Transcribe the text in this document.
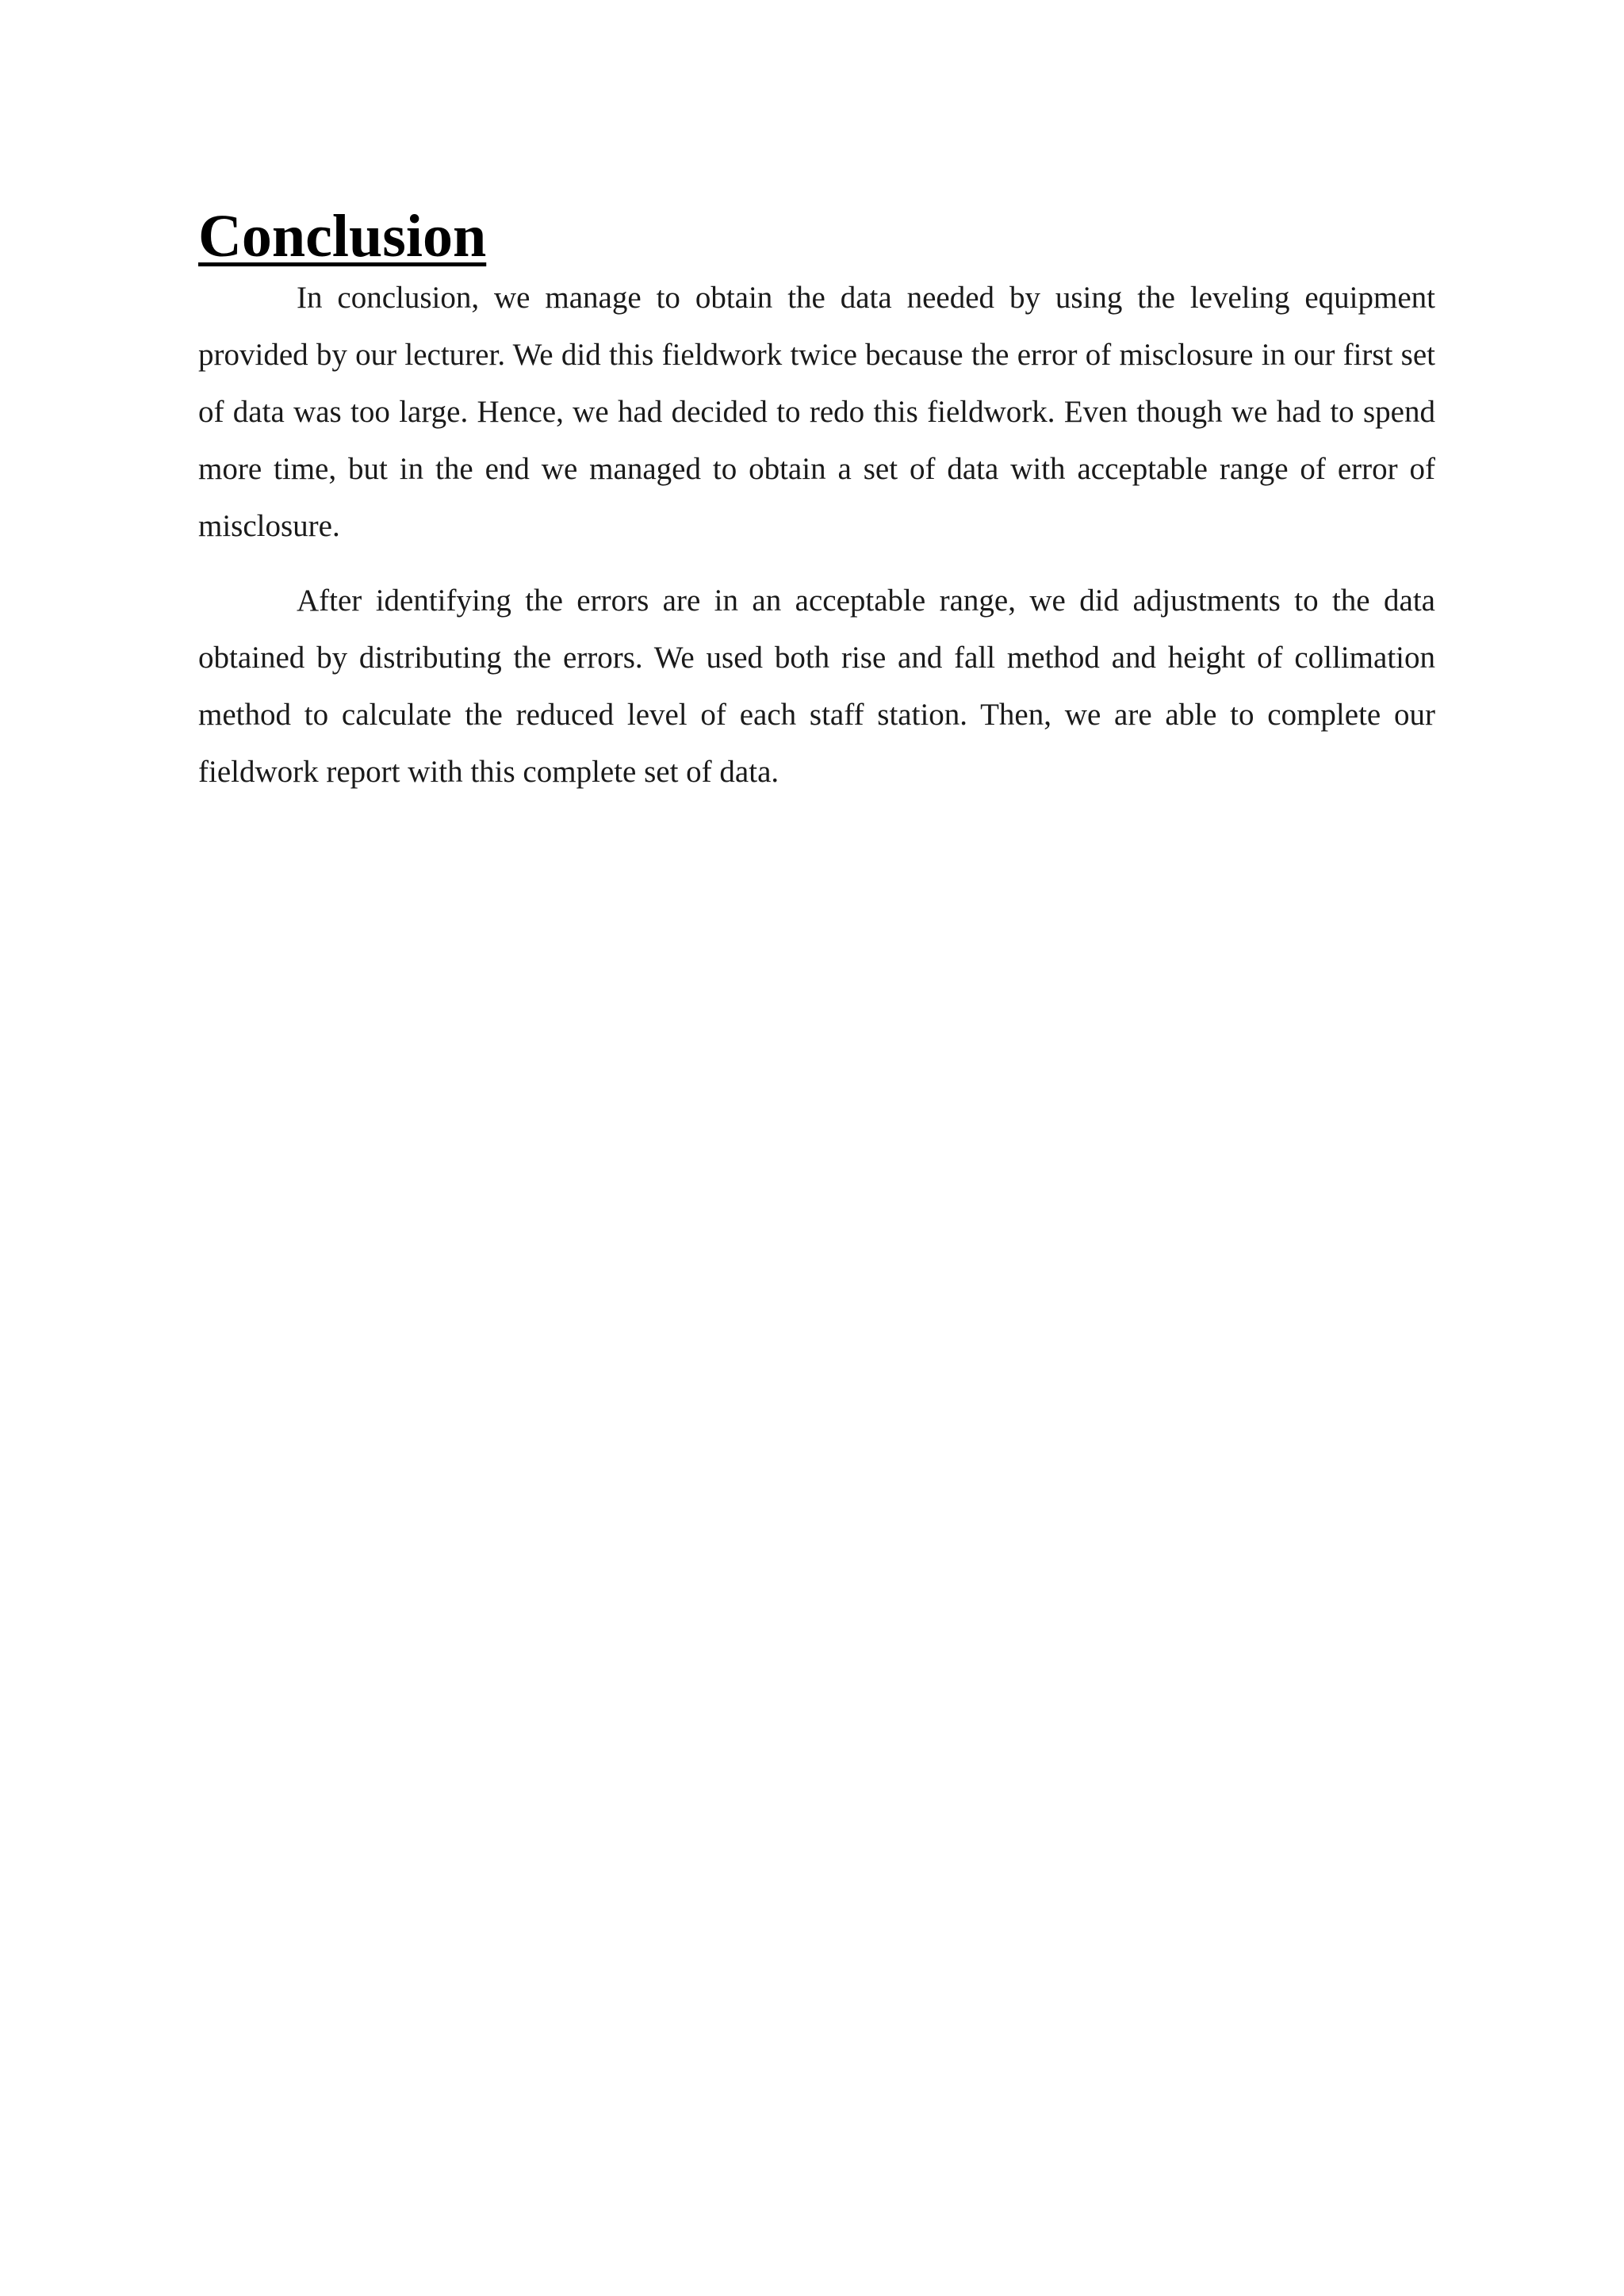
Conclusion

In conclusion, we manage to obtain the data needed by using the leveling equipment provided by our lecturer. We did this fieldwork twice because the error of misclosure in our first set of data was too large. Hence, we had decided to redo this fieldwork. Even though we had to spend more time, but in the end we managed to obtain a set of data with acceptable range of error of misclosure.

After identifying the errors are in an acceptable range, we did adjustments to the data obtained by distributing the errors. We used both rise and fall method and height of collimation method to calculate the reduced level of each staff station. Then, we are able to complete our fieldwork report with this complete set of data.
